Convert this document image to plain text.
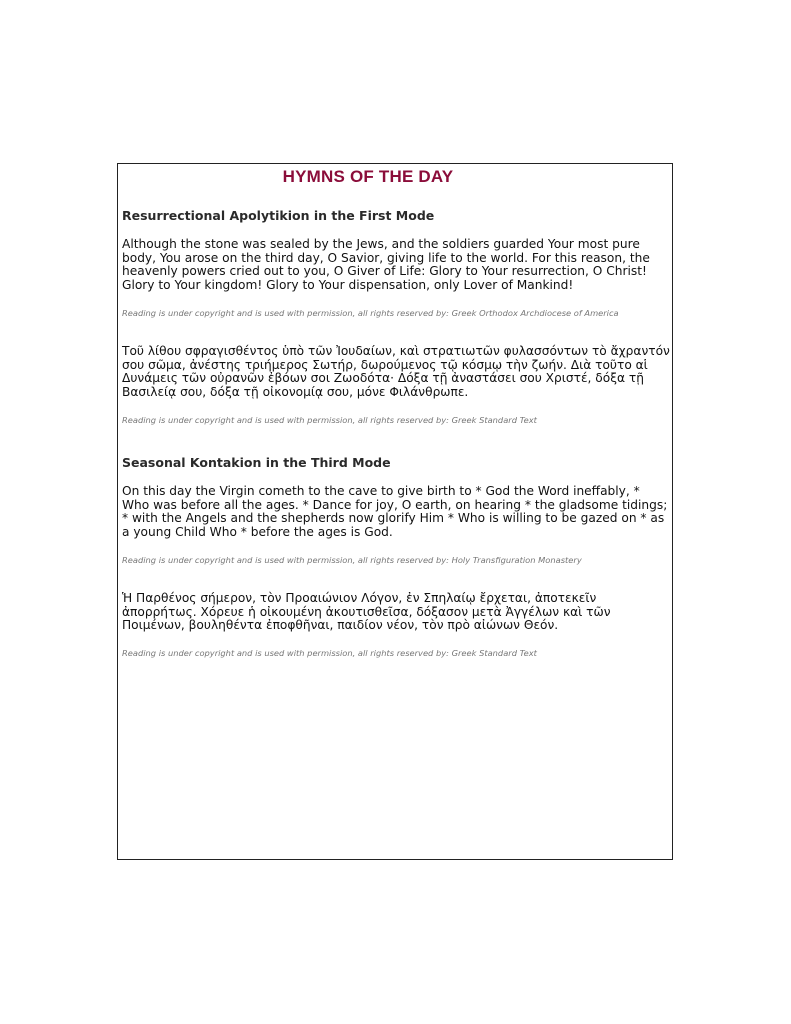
HYMNS OF THE DAY
Resurrectional Apolytikion in the First Mode
Although the stone was sealed by the Jews, and the soldiers guarded Your most pure body, You arose on the third day, O Savior, giving life to the world. For this reason, the heavenly powers cried out to you, O Giver of Life: Glory to Your resurrection, O Christ! Glory to Your kingdom! Glory to Your dispensation, only Lover of Mankind!
Reading is under copyright and is used with permission, all rights reserved by: Greek Orthodox Archdiocese of America
Τοῦ λίθου σφραγισθέντος ὑπὸ τῶν Ἰουδαίων, καὶ στρατιωτῶν φυλασσόντων τὸ ἄχραντόν σου σῶμα, ἀνέστης τριήμερος Σωτήρ, δωρούμενος τῷ κόσμῳ τὴν ζωήν. Διὰ τοῦτο αἱ Δυνάμεις τῶν οὐρανῶν ἐβόων σοι Ζωοδότα· Δόξα τῇ ἀναστάσει σου Χριστέ, δόξα τῇ Βασιλείᾳ σου, δόξα τῇ οἰκονομίᾳ σου, μόνε Φιλάνθρωπε.
Reading is under copyright and is used with permission, all rights reserved by: Greek Standard Text
Seasonal Kontakion in the Third Mode
On this day the Virgin cometh to the cave to give birth to * God the Word ineffably, * Who was before all the ages. * Dance for joy, O earth, on hearing * the gladsome tidings; * with the Angels and the shepherds now glorify Him * Who is willing to be gazed on * as a young Child Who * before the ages is God.
Reading is under copyright and is used with permission, all rights reserved by: Holy Transfiguration Monastery
Ἡ Παρθένος σήμερον, τὸν Προαιώνιον Λόγον, ἐν Σπηλαίῳ ἔρχεται, ἀποτεκεῖν ἀπορρήτως. Χόρευε ἡ οἰκουμένη ἀκουτισθεῖσα, δόξασον μετὰ Ἀγγέλων καὶ τῶν Ποιμένων, βουληθέντα ἐποφθῆναι, παιδίον νέον, τὸν πρὸ αἰώνων Θεόν.
Reading is under copyright and is used with permission, all rights reserved by: Greek Standard Text
